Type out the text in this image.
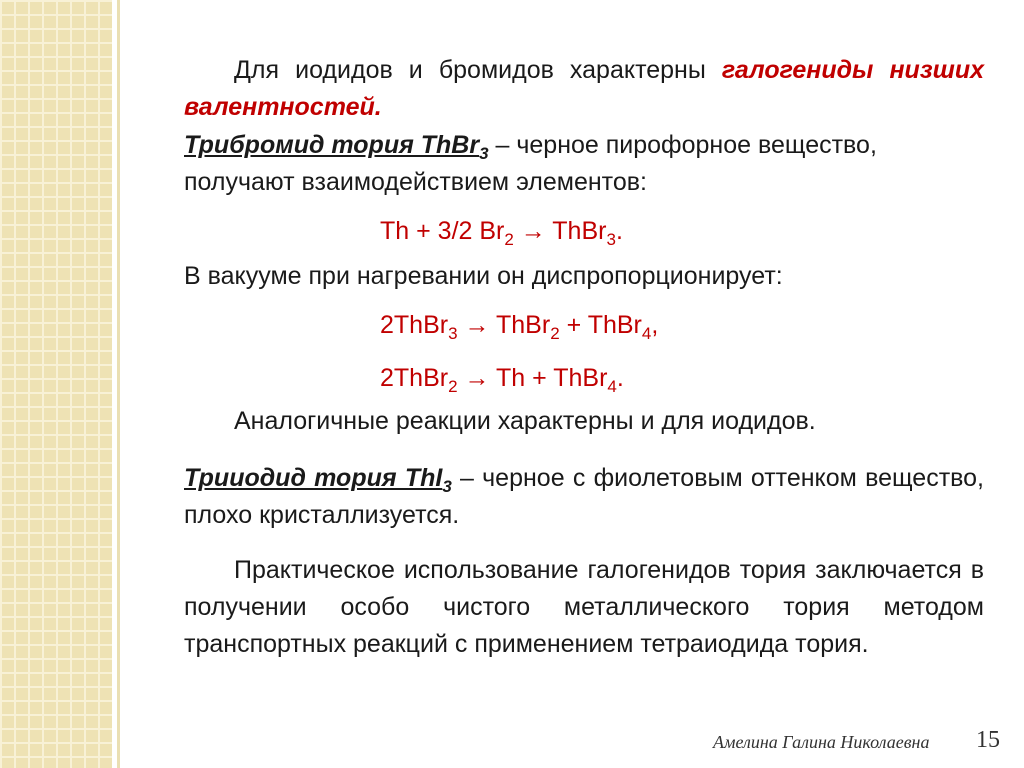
Для иодидов и бромидов характерны галогениды низших валентностей.

Трибромид тория ThBr$_3$ – черное пирофорное вещество,
получают взаимодействием элементов:

Th + 3/2 $Br_2$ → ThBr$_3$.

В вакууме при нагревании он диспропорционирует:

2ThBr$_3$ → ThBr$_2$ + ThBr$_4$,
2ThBr$_2$ → Th + ThBr$_4$.

Аналогичные реакции характерны и для иодидов.

Трииодид тория ThI$_3$ – черное с фиолетовым оттенком вещество, плохо кристаллизуется.

Практическое использование галогенидов тория заключается в получении особо чистого металлического тория методом транспортных реакций с применением тетраиодида тория.

Амелина Галина Николаевна 15
